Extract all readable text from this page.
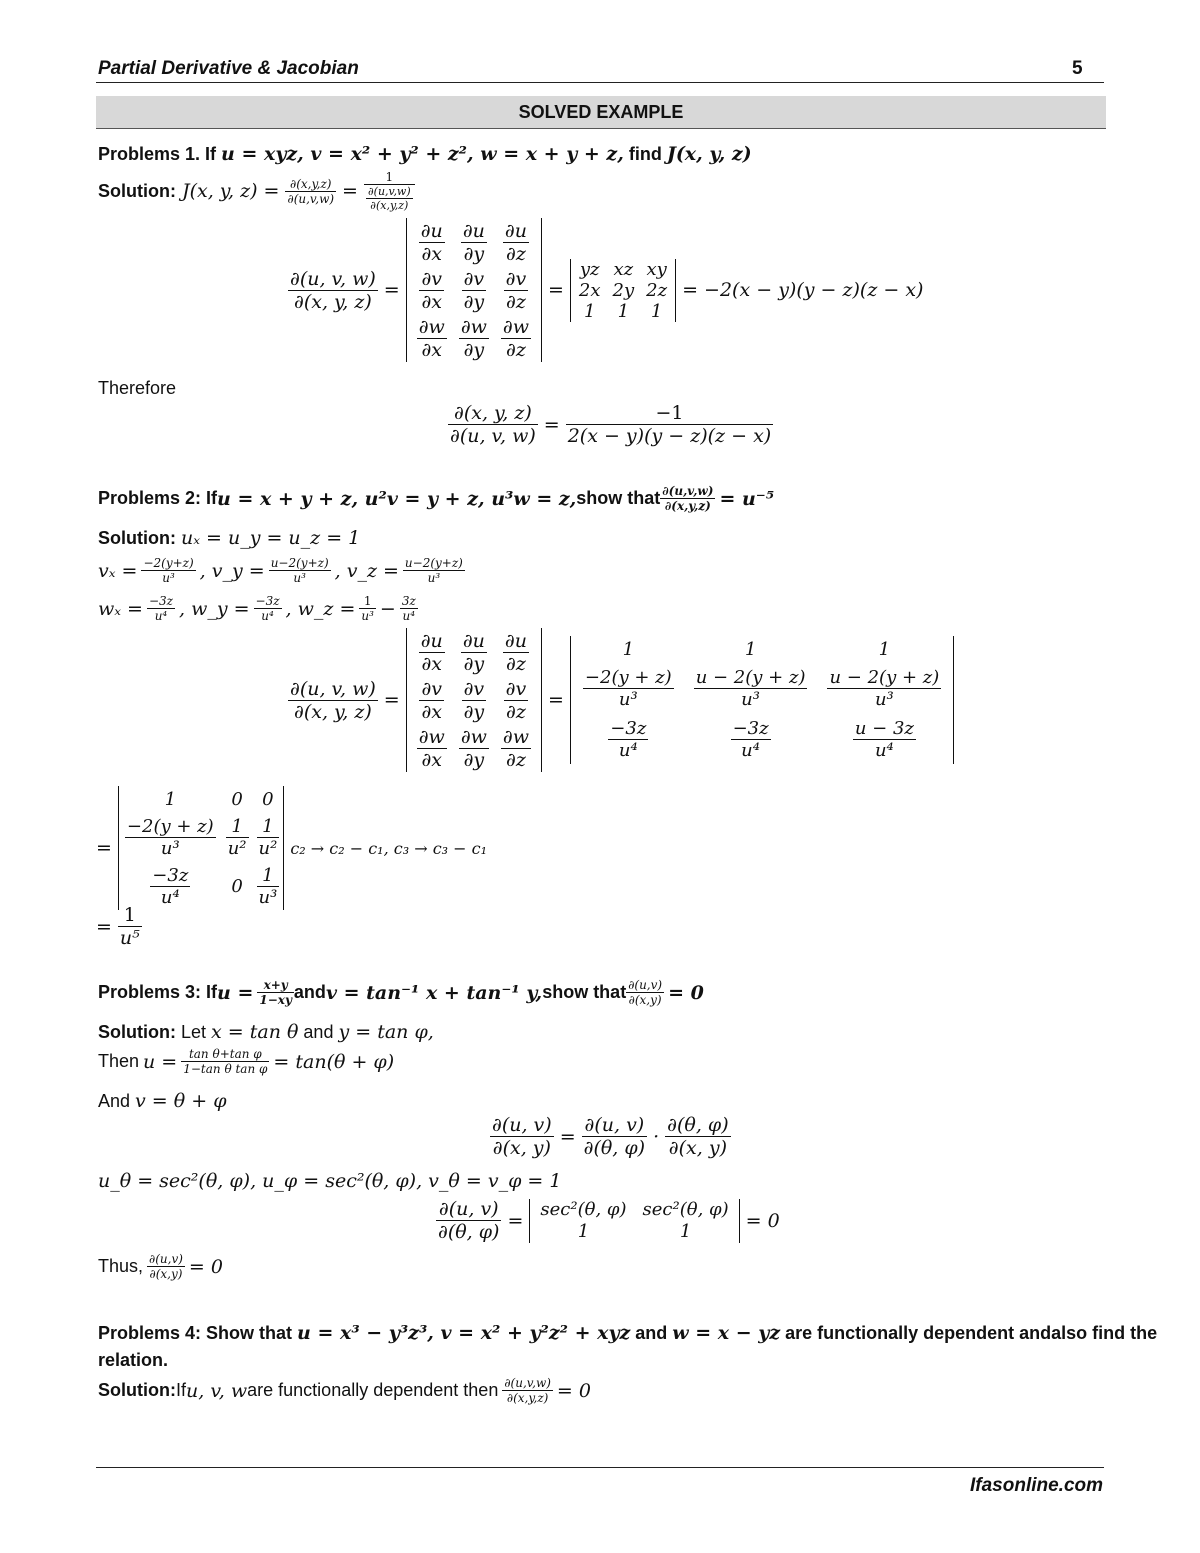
Partial Derivative & Jacobian	5
SOLVED EXAMPLE
Problems 1. If u = xyz, v = x² + y² + z², w = x + y + z, find J(x, y, z)
Solution: J(x, y, $z) = \frac{\partial(x,y,z)}{\partial(u,v,w)} = \frac{1}{\frac{\partial(u,v,w)}{\partial(x,y,z)}}$
$\frac{\partial(u, v, w)}{\partial(x, y, z)}$ =
$\frac{\partial u}{\partial x}$
$\frac{\partial v}{\partial x}$
$\frac{\partial w}{\partial x}$
$\frac{\partial u}{\partial y}$
$\frac{\partial v}{\partial y}$
$\frac{\partial w}{\partial y}$
$\frac{\partial u}{\partial z}$
$\frac{\partial v}{\partial z}$
$\frac{\partial w}{\partial z}$
=
yz
2x
1
xz
2y
1
xy
2z
1
= −2(x − y)(y − z)(z − x)
Therefore
$\frac{\partial(x, y, z)}{\partial(u, v, w)} = \frac{-1}{2(x - y)(y - z)(z - x)}$
Problems 2: If u = x + y + z, u²v = y + z, u³w = z, show that $\frac{\partial(u,v,w)}{\partial(x,y,z)} = u^{-5}$
Solution: uₓ = u_y = u_z = 1
$v_x = \frac{-2(y+z)}{\text{u³}}$ , v_y = $\frac{u-2(y+z)}{\text{u³}}$ , v_z = $\frac{u-2(y+z)}{\text{u³}}$
$w_x = \frac{-3z}{\text{u⁴}}$ , w_y = $\frac{-3z}{\text{u⁴}}$ , w_z = $\frac{1}{\text{u³}} - \frac{3z}{\text{u⁴}}$
$\frac{\partial(u, v, w)}{\partial(x, y, z)}$ =
$\frac{\partial u}{\partial x}$
$\frac{\partial v}{\partial x}$
$\frac{\partial w}{\partial x}$
$\frac{\partial u}{\partial y}$
$\frac{\partial v}{\partial y}$
$\frac{\partial w}{\partial y}$
$\frac{\partial u}{\partial z}$
$\frac{\partial v}{\partial z}$
$\frac{\partial w}{\partial z}$
=
1
$\frac{-2(y + z)}{\text{u³}}$
$\frac{-3z}{\text{u⁴}}$
1
$\frac{u - 2(y + z)}{\text{u³}}$
$\frac{-3z}{\text{u⁴}}$
1
$\frac{u - 2(y + z)}{\text{u³}}$
$\frac{u - 3z}{\text{u⁴}}$
=
1
$\frac{-2(y + z)}{\text{u³}}$
$\frac{-3z}{\text{u⁴}}$
0
$\frac{1}{\text{u²}}$
0
0
$\frac{1}{\text{u²}}$
$\frac{1}{\text{u³}}$
c₂ → c₂ − c₁, c₃ → c₃ − c₁
= $\frac{1}{\text{u⁵}}$
Problems 3: If $u = \frac{x+y}{1-xy}$ and v = tan⁻¹ x + tan⁻¹ y, show that $\frac{\partial(u,v)}{\partial(x,y)} = 0$
Solution: Let x = tan θ and y = tan φ,
Then $u = \frac{\text{tan θ+tan φ}}{\text{1−tan θ tan φ}} = \tan(\theta + \varphi)$
And v = θ + φ
$\frac{\partial(u, v)}{\partial(x, y)} = \frac{\partial(u, v)}{\partial(\theta, \varphi)} \cdot \frac{\partial(\theta, \varphi)}{\partial(x, y)}$
u_θ = sec²(θ, φ), u_φ = sec²(θ, φ), v_θ = v_φ = 1
$\frac{\partial(u, v)}{\partial(\theta, \varphi)}$ =
sec²(θ, φ)
1
sec²(θ, φ)
1	= 0
Thus, $\frac{\partial(u,v)}{\partial(x,y)} = 0$
Problems 4: Show that u = x³ − y³z³, v = x² + y²z² + xyz and w = x − yz are functionally dependent andalso find the
relation.
Solution: If u, v, w are functionally dependent then $\frac{\partial(u,v,w)}{\partial(x,y,z)} = 0$
Ifasonline.com
